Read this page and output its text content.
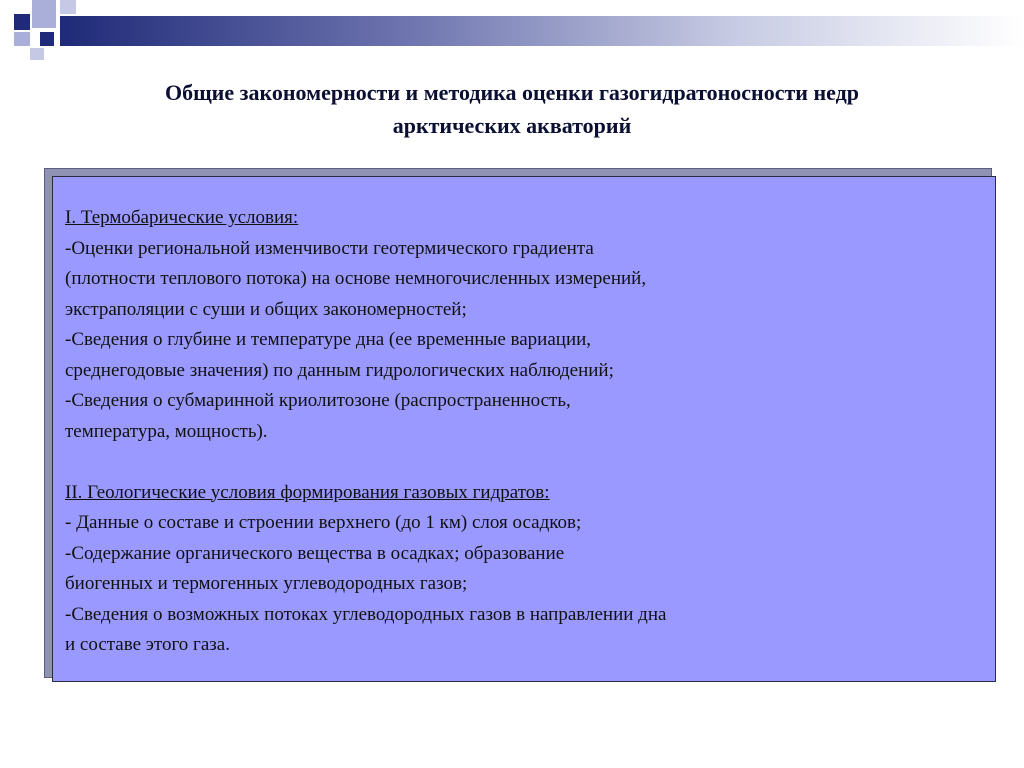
Общие закономерности и методика оценки газогидратоносности недр
арктических акваторий
I. Термобарические условия:
-Оценки региональной изменчивости геотермического градиента
(плотности теплового потока) на основе немногочисленных измерений,
экстраполяции с суши и общих закономерностей;
-Сведения о глубине и температуре дна (ее временные вариации,
среднегодовые значения) по данным гидрологических наблюдений;
-Сведения о субмаринной криолитозоне (распространенность,
температура, мощность).
II. Геологические условия формирования газовых гидратов:
- Данные о составе и строении верхнего (до 1 км) слоя осадков;
-Содержание органического вещества в осадках; образование
биогенных и термогенных углеводородных газов;
-Сведения о возможных потоках углеводородных газов в направлении дна
и составе этого газа.
